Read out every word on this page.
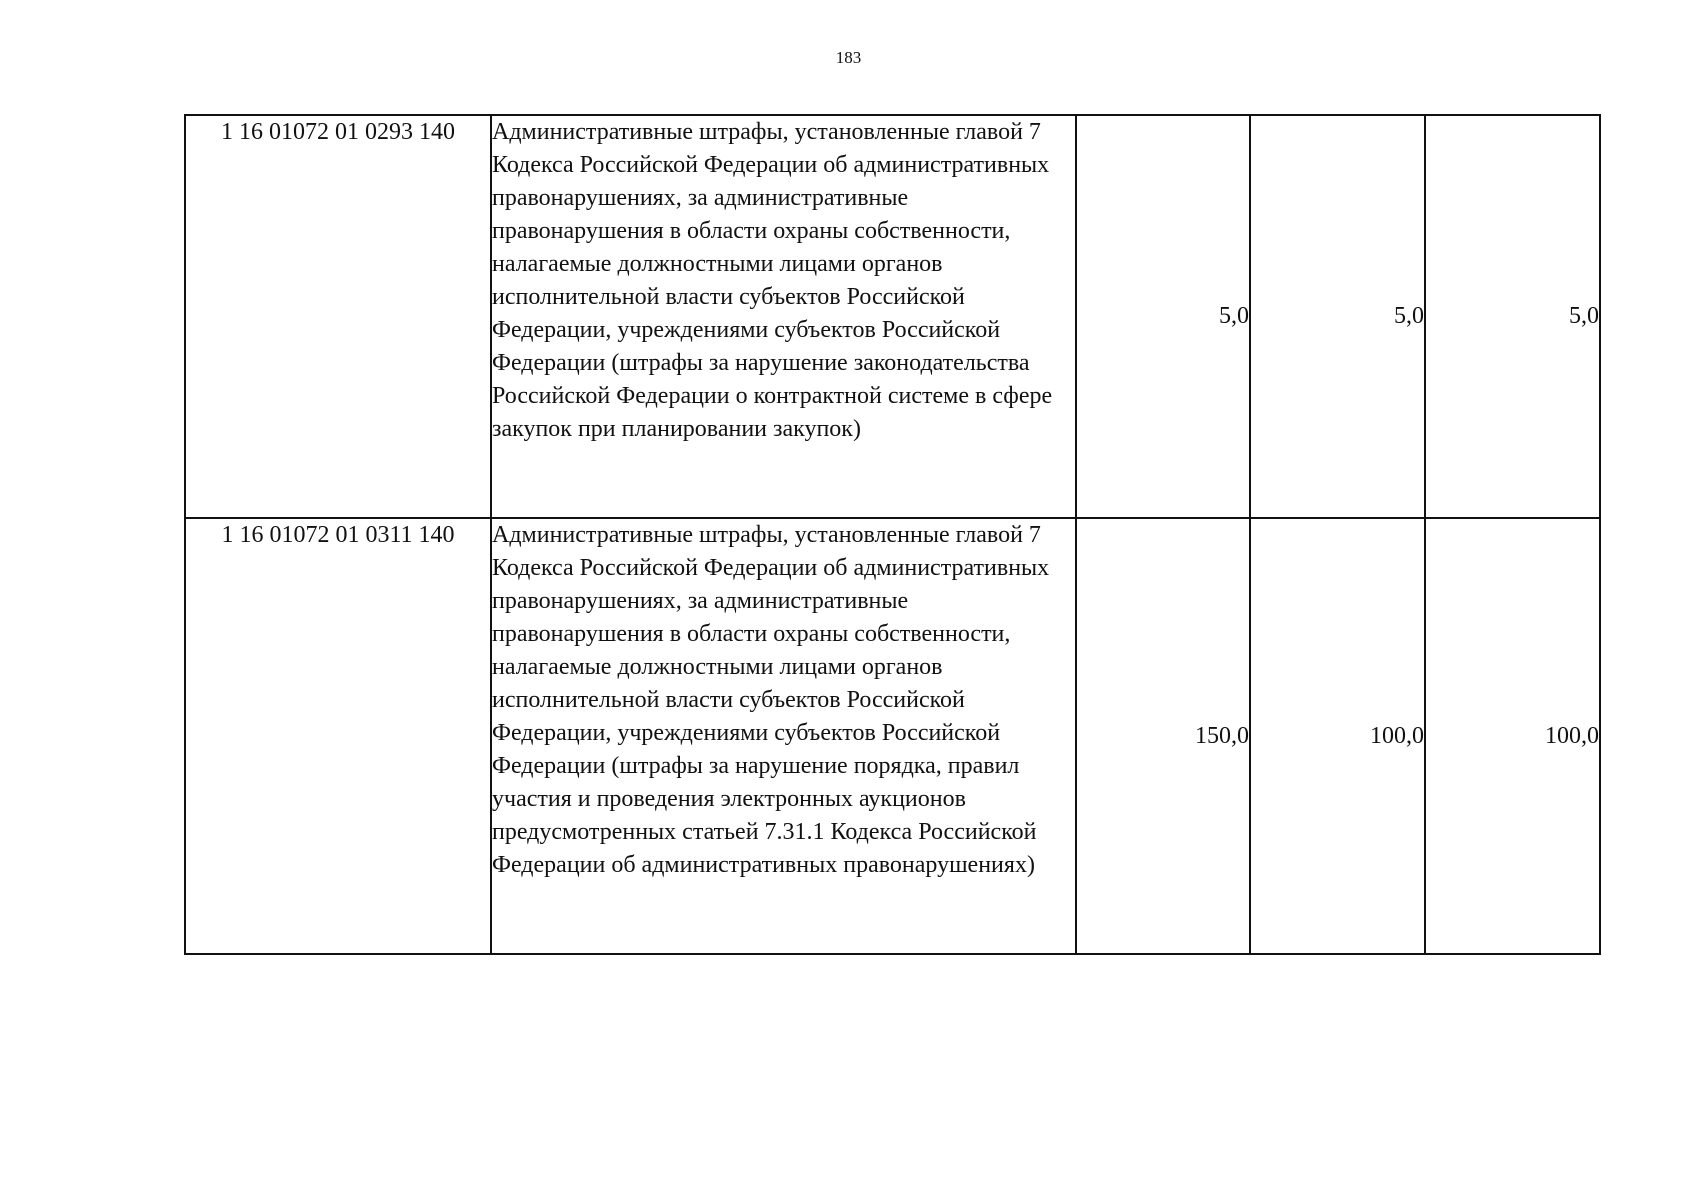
183
1 16 01072 01 0293 140	Административные штрафы, установленные главой 7 Кодекса Российской Федерации об административных правонарушениях, за административные правонарушения в области охраны собственности, налагаемые должностными лицами органов исполнительной власти субъектов Российской Федерации, учреждениями субъектов Российской Федерации (штрафы за нарушение законодательства Российской Федерации о контрактной системе в сфере закупок при планировании закупок)	5,0	5,0	5,0
1 16 01072 01 0311 140	Административные штрафы, установленные главой 7 Кодекса Российской Федерации об административных правонарушениях, за административные правонарушения в области охраны собственности, налагаемые должностными лицами органов исполнительной власти субъектов Российской Федерации, учреждениями субъектов Российской Федерации (штрафы за нарушение порядка, правил участия и проведения электронных аукционов предусмотренных статьей 7.31.1 Кодекса Российской Федерации об административных правонарушениях)	150,0	100,0	100,0
